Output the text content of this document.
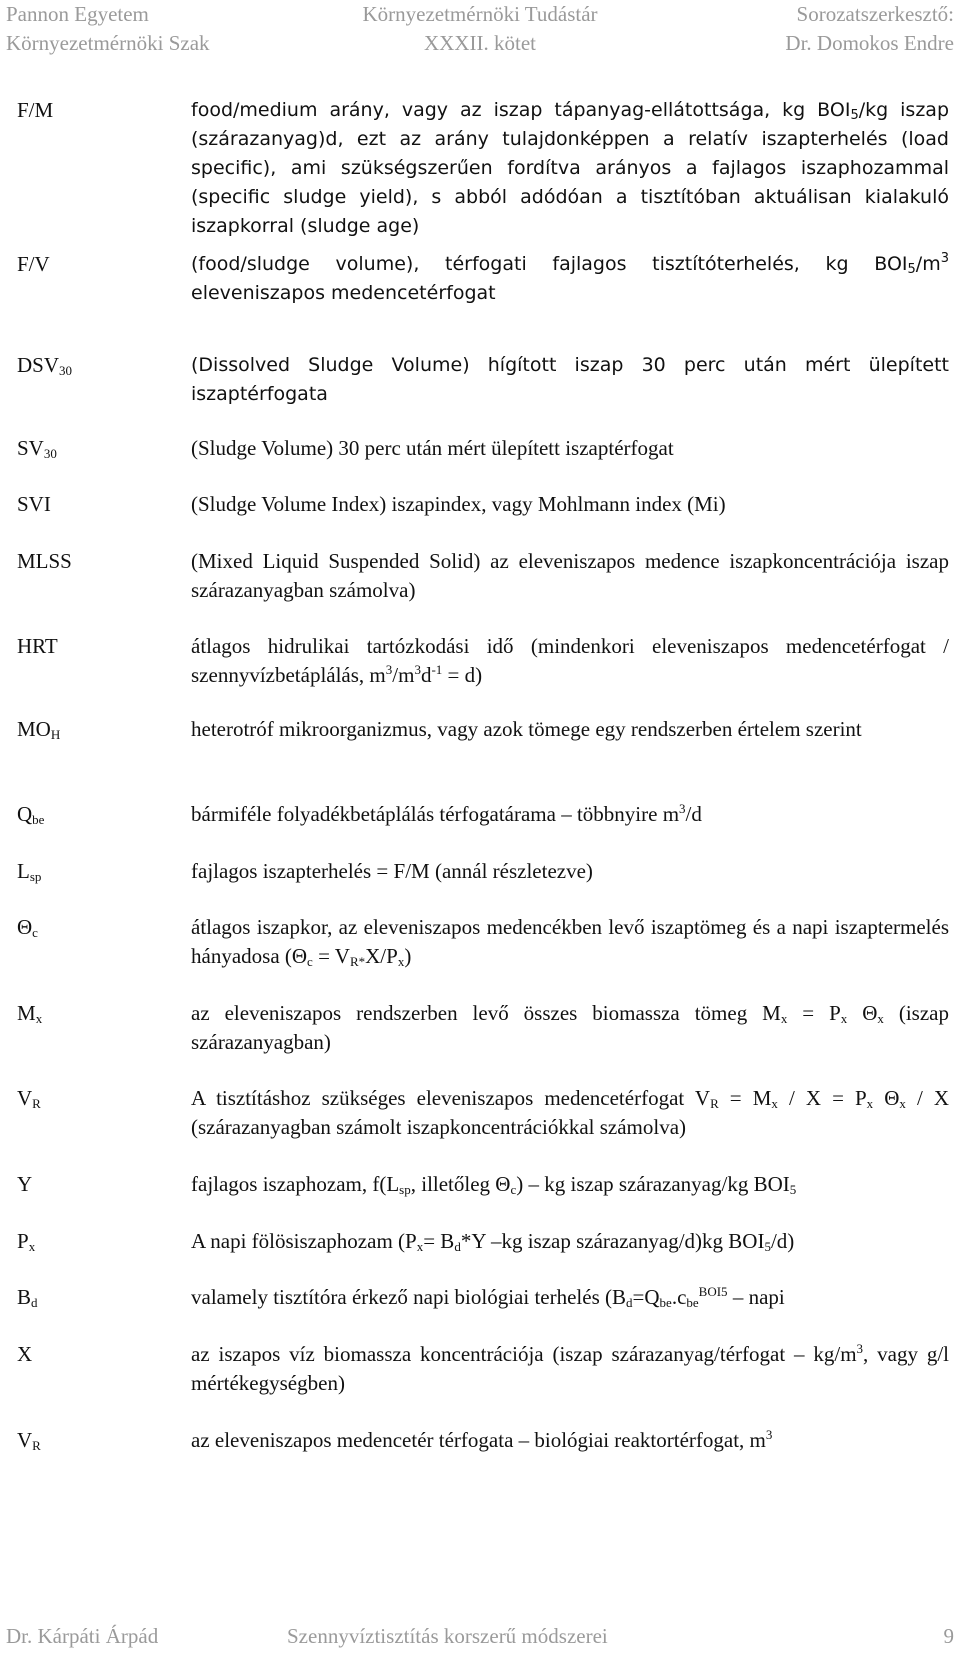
Pannon Egyetem
Környezetmérnöki Szak
Környezetmérnöki Tudástár
XXXII. kötet
Sorozatszerkesztő:
Dr. Domokos Endre
F/M	food/medium arány, vagy az iszap tápanyag-ellátottsága, kg $BOI_5/kg$ iszap (szárazanyag)d, ezt az arány tulajdonképpen a relatív iszapterhelés (load specific), ami szükségszerűen fordítva arányos a fajlagos iszaphozammal (specific sludge yield), s abból adódóan a tisztítóban aktuálisan kialakuló iszapkorral (sludge age)
F/V	(food/sludge volume), térfogati fajlagos tisztítóterhelés, kg $BOI_5/m^3$ eleveniszapos medencetérfogat
$DSV_{30}$	(Dissolved Sludge Volume) hígított iszap 30 perc után mért ülepített iszaptérfogata
$SV_{30}$	(Sludge Volume) 30 perc után mért ülepített iszaptérfogat
SVI	(Sludge Volume Index) iszapindex, vagy Mohlmann index (Mi)
MLSS	(Mixed Liquid Suspended Solid) az eleveniszapos medence iszapkoncentrációja iszap szárazanyagban számolva)
HRT	átlagos hidrulikai tartózkodási idő (mindenkori eleveniszapos medencetérfogat / szennyvízbetáplálás, $m^3/m^3d^{-1} = d$)
$MO_H$	heterotróf mikroorganizmus, vagy azok tömege egy rendszerben értelem szerint
$Q_{be}$	bármiféle folyadékbetáplálás térfogatárama – többnyire $m^3/d$
$L_{sp}$	fajlagos iszapterhelés = F/M (annál részletezve)
$\Theta_c$	átlagos iszapkor, az eleveniszapos medencékben levő iszaptömeg és a napi iszaptermelés hányadosa $(\Theta_c = V_{R*}X/P_x)$
$M_x$	az eleveniszapos rendszerben levő összes biomassza tömeg $M_x = P_x$ $\Theta_x$ (iszap szárazanyagban)
$V_R$	A tisztításhoz szükséges eleveniszapos medencetérfogat $V_R = M_x / X = P_x$ $\Theta_x$ / X (szárazanyagban számolt iszapkoncentrációkkal számolva)
Y	fajlagos iszaphozam, $f(L_{sp}$, illetőleg $\Theta_c$) – kg iszap szárazanyag/kg $BOI_5$
$P_x$	A napi fölösiszaphozam ($P_x= B_d*Y$ –kg iszap szárazanyag/d)kg $BOI_5/d$)
$B_d$	valamely tisztítóra érkező napi biológiai terhelés ($B_d=Q_{be}.c_{be}^{BOI5}$ – napi
X	az iszapos víz biomassza koncentrációja (iszap szárazanyag/térfogat – $kg/m^3$, vagy g/l mértékegységben)
$V_R$	az eleveniszapos medencetér térfogata – biológiai reaktortérfogat, $m^3$
Dr. Kárpáti Árpád	Szennyvíztisztítás korszerű módszerei	9
